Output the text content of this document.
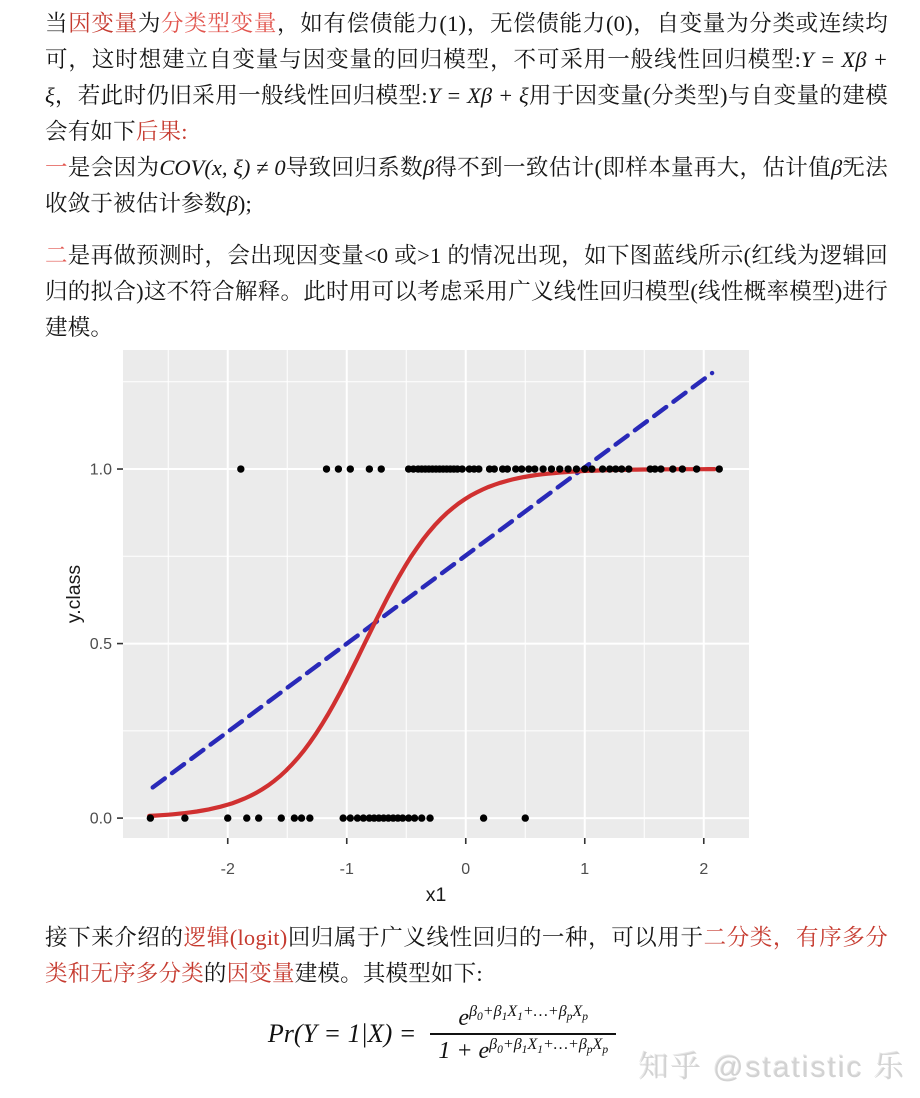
当因变量为分类型变量，如有偿债能力(1)，无偿债能力(0)，自变量为分类或连续均可，这时想建立自变量与因变量的回归模型，不可采用一般线性回归模型:Y = Xβ + ξ，若此时仍旧采用一般线性回归模型:Y = Xβ + ξ用于因变量(分类型)与自变量的建模会有如下后果:
一是会因为COV(x, ξ) ≠ 0导致回归系数β得不到一致估计(即样本量再大，估计值β̃无法收敛于被估计参数β);
二是再做预测时，会出现因变量<0 或>1 的情况出现，如下图蓝线所示(红线为逻辑回归的拟合)这不符合解释。此时用可以考虑采用广义线性回归模型(线性概率模型)进行建模。
-2	-1	0	1	2
0.0
0.5
1.0
x1
y.class
接下来介绍的逻辑(logit)回归属于广义线性回归的一种，可以用于二分类，有序多分类和无序多分类的因变量建模。其模型如下:
$Pr(Y = 1|X) = \frac{e^{\beta_0+\beta_1X_1+\dots+\beta_pX_p}}{1 + e^{\beta_0+\beta_1X_1+\dots+\beta_pX_p}}$
知乎 @statistic 乐
